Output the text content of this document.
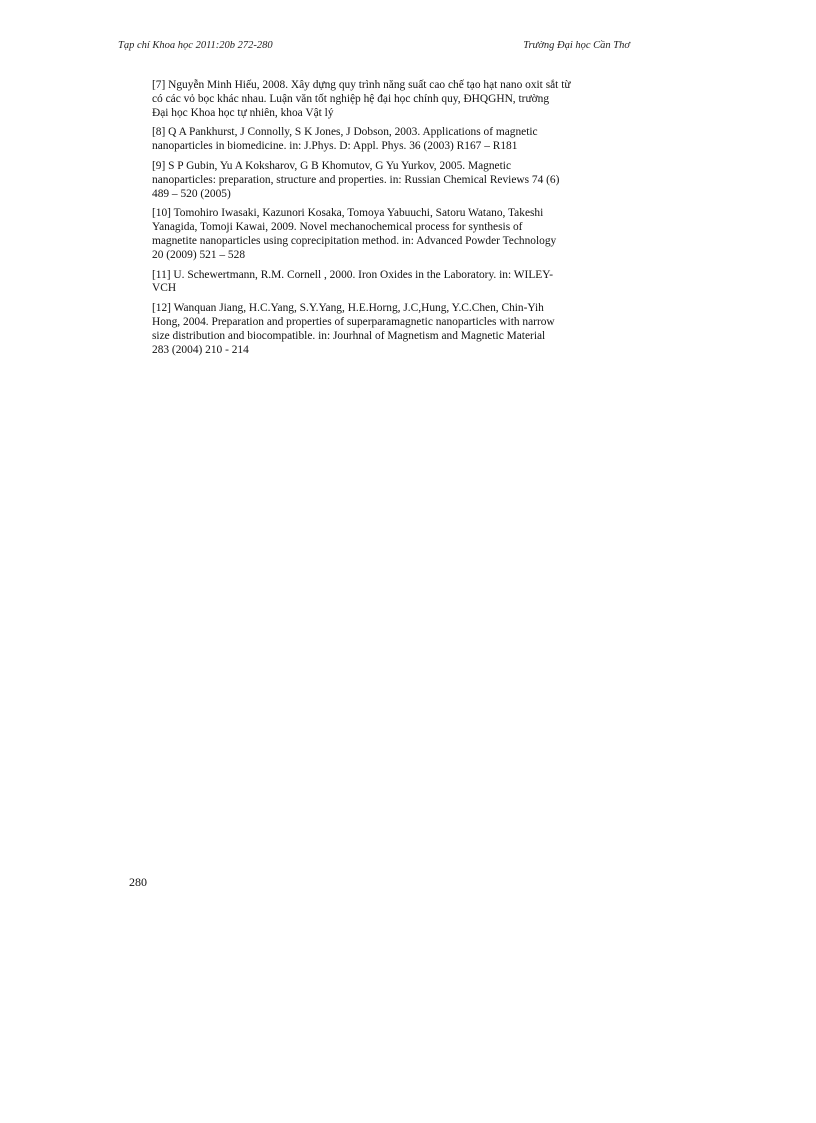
Tạp chí Khoa học 2011:20b 272-280	Trường Đại học Cần Thơ

[7] Nguyễn Minh Hiếu, 2008. Xây dựng quy trình năng suất cao chế tạo hạt nano oxit sắt từ
có các vỏ bọc khác nhau. Luận văn tốt nghiệp hệ đại học chính quy, ĐHQGHN, trường
Đại học Khoa học tự nhiên, khoa Vật lý

[8] Q A Pankhurst, J Connolly, S K Jones, J Dobson, 2003. Applications of magnetic
nanoparticles in biomedicine. in: J.Phys. D: Appl. Phys. 36 (2003) R167 – R181

[9] S P Gubin, Yu A Koksharov, G B Khomutov, G Yu Yurkov, 2005. Magnetic
nanoparticles: preparation, structure and properties. in: Russian Chemical Reviews 74 (6)
489 – 520 (2005)

[10] Tomohiro Iwasaki, Kazunori Kosaka, Tomoya Yabuuchi, Satoru Watano, Takeshi
Yanagida, Tomoji Kawai, 2009. Novel mechanochemical process for synthesis of
magnetite nanoparticles using coprecipitation method. in: Advanced Powder Technology
20 (2009) 521 – 528

[11] U. Schewertmann, R.M. Cornell , 2000. Iron Oxides in the Laboratory. in: WILEY-
VCH

[12] Wanquan Jiang, H.C.Yang, S.Y.Yang, H.E.Horng, J.C,Hung, Y.C.Chen, Chin-Yih
Hong, 2004. Preparation and properties of superparamagnetic nanoparticles with narrow
size distribution and biocompatible. in: Jourhnal of Magnetism and Magnetic Material
283 (2004) 210 - 214

280
